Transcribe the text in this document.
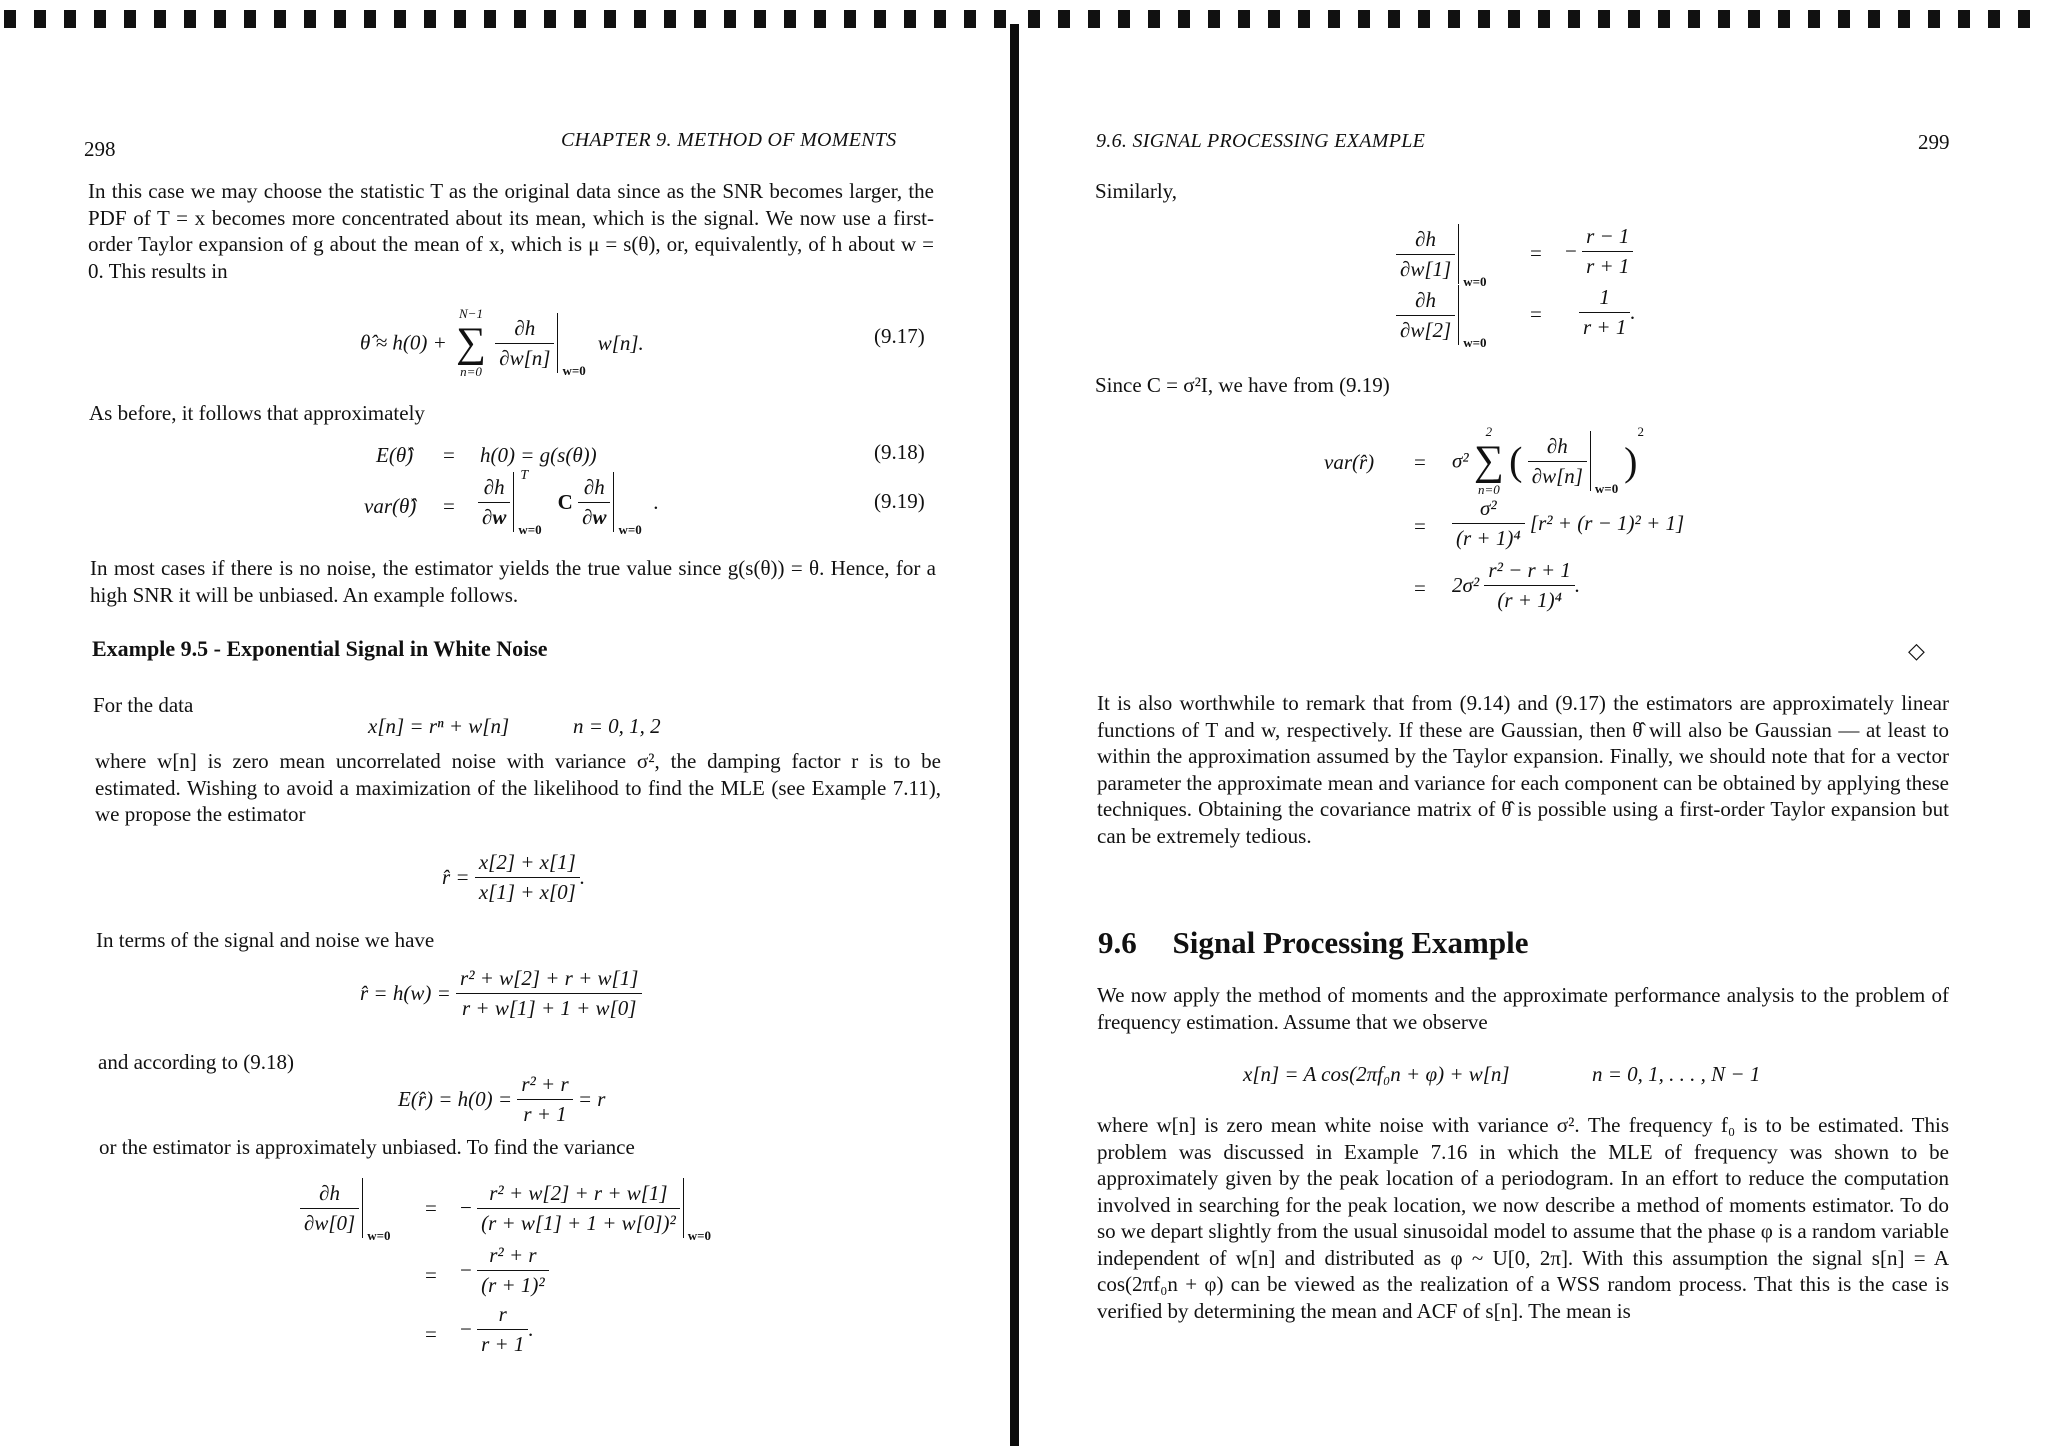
298	CHAPTER 9. METHOD OF MOMENTS
In this case we may choose the statistic T as the original data since as the SNR becomes larger, the PDF of T = x becomes more concentrated about its mean, which is the signal. We now use a first-order Taylor expansion of g about the mean of x, which is μ = s(θ), or, equivalently, of h about w = 0. This results in
θ̂ ≈ h(0) +
N−1
∑
n=0

$\frac{\partial h}{\partial w[n]} w=0$
w[n].	(9.17)
As before, it follows that approximately
E(θ̂) = h(0) = g(s(θ))	(9.18)
var(θ̂) = $\frac{\partial h}{\partial w}$ T
w=0
C $\frac{\partial h}{\partial w} w=0$
.	(9.19)
In most cases if there is no noise, the estimator yields the true value since g(s(θ)) = θ. Hence, for a high SNR it will be unbiased. An example follows.
Example 9.5 - Exponential Signal in White Noise
For the data
x[n] = rⁿ + w[n]	n = 0, 1, 2
where w[n] is zero mean uncorrelated noise with variance σ², the damping factor r is to be estimated. Wishing to avoid a maximization of the likelihood to find the MLE (see Example 7.11), we propose the estimator
r̂ = $\frac{x[2] + x[1]}{x[1] + x[0]}$ .
In terms of the signal and noise we have
r̂ = $h(w) = \frac{\text{r² + w[2] + r + w[1]}}{r + w[1] + 1 + w[0]}$
and according to (9.18)
E(r̂) = $h(0) = \frac{\text{r² + r}}{r + 1} = r$
or the estimator is approximately unbiased. To find the variance
$\frac{\partial h}{\partial w[0]} w=0$
= − $\frac{\text{r² + w[2] + r + w[1]}}{\text{(r + w[1] + 1 + w[0])²}} w=0$
= − $\frac{\text{r² + r}}{\text{(r + 1)²}}$
= − $\frac{r}{r + 1}$ .
9.6. SIGNAL PROCESSING EXAMPLE	299
Similarly,
$\frac{\partial h}{\partial w[1]} w=0$
= − $\frac{r - 1}{r + 1}$
$\frac{\partial h}{\partial w[2]} w=0$
= $\frac{1}{r + 1}$ .
Since C = σ²I, we have from (9.19)
var(r̂) = σ²
2
∑
n=0
( $\frac{\partial h}{\partial w[n]} w=0$
)$^2$
= $\frac{\text{σ²}}{\text{(r + 1)⁴}} [r^2 + (r - 1)^2 + 1]$
= $2\sigma^2 \frac{\text{r² − r + 1}}{\text{(r + 1)⁴}}$ .
◇
It is also worthwhile to remark that from (9.14) and (9.17) the estimators are approximately linear functions of T and w, respectively. If these are Gaussian, then θ̂ will also be Gaussian — at least to within the approximation assumed by the Taylor expansion. Finally, we should note that for a vector parameter the approximate mean and variance for each component can be obtained by applying these techniques. Obtaining the covariance matrix of θ̂ is possible using a first-order Taylor expansion but can be extremely tedious.
9.6 Signal Processing Example
We now apply the method of moments and the approximate performance analysis to the problem of frequency estimation. Assume that we observe
x[n] = A cos(2πf₀n + φ) + w[n]	n = 0, 1, . . . , N − 1
where w[n] is zero mean white noise with variance σ². The frequency f₀ is to be estimated. This problem was discussed in Example 7.16 in which the MLE of frequency was shown to be approximately given by the peak location of a periodogram. In an effort to reduce the computation involved in searching for the peak location, we now describe a method of moments estimator. To do so we depart slightly from the usual sinusoidal model to assume that the phase φ is a random variable independent of w[n] and distributed as φ ~ U[0, 2π]. With this assumption the signal s[n] = A cos(2πf₀n + φ) can be viewed as the realization of a WSS random process. That this is the case is verified by determining the mean and ACF of s[n]. The mean is
